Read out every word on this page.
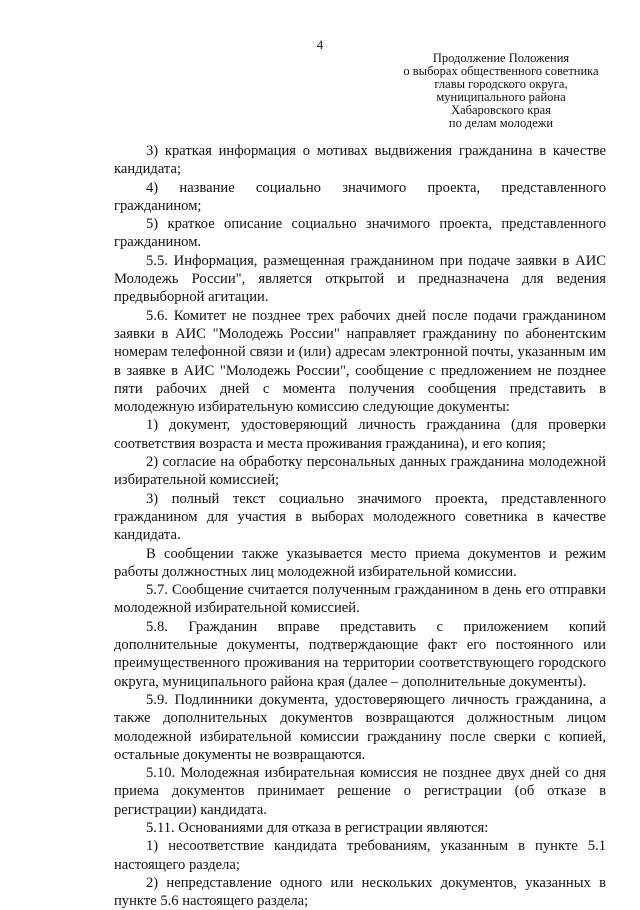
4
Продолжение Положения
о выборах общественного советника
главы городского округа,
муниципального района
Хабаровского края
по делам молодежи

3) краткая информация о мотивах выдвижения гражданина в качестве кандидата;

4) название социально значимого проекта, представленного гражданином;

5) краткое описание социально значимого проекта, представленного гражданином.

5.5. Информация, размещенная гражданином при подаче заявки в АИС Молодежь России", является открытой и предназначена для ведения предвыборной агитации.

5.6. Комитет не позднее трех рабочих дней после подачи гражданином заявки в АИС "Молодежь России" направляет гражданину по абонентским номерам телефонной связи и (или) адресам электронной почты, указанным им в заявке в АИС "Молодежь России", сообщение с предложением не позднее пяти рабочих дней с момента получения сообщения представить в молодежную избирательную комиссию следующие документы:

1) документ, удостоверяющий личность гражданина (для проверки соответствия возраста и места проживания гражданина), и его копия;

2) согласие на обработку персональных данных гражданина молодежной избирательной комиссией;

3) полный текст социально значимого проекта, представленного гражданином для участия в выборах молодежного советника в качестве кандидата.

В сообщении также указывается место приема документов и режим работы должностных лиц молодежной избирательной комиссии.

5.7. Сообщение считается полученным гражданином в день его отправки молодежной избирательной комиссией.

5.8. Гражданин вправе представить с приложением копий дополнительные документы, подтверждающие факт его постоянного или преимущественного проживания на территории соответствующего городского округа, муниципального района края (далее – дополнительные документы).

5.9. Подлинники документа, удостоверяющего личность гражданина, а также дополнительных документов возвращаются должностным лицом молодежной избирательной комиссии гражданину после сверки с копией, остальные документы не возвращаются.

5.10. Молодежная избирательная комиссия не позднее двух дней со дня приема документов принимает решение о регистрации (об отказе в регистрации) кандидата.

5.11. Основаниями для отказа в регистрации являются:

1) несоответствие кандидата требованиям, указанным в пункте 5.1 настоящего раздела;

2) непредставление одного или нескольких документов, указанных в пункте 5.6 настоящего раздела;
